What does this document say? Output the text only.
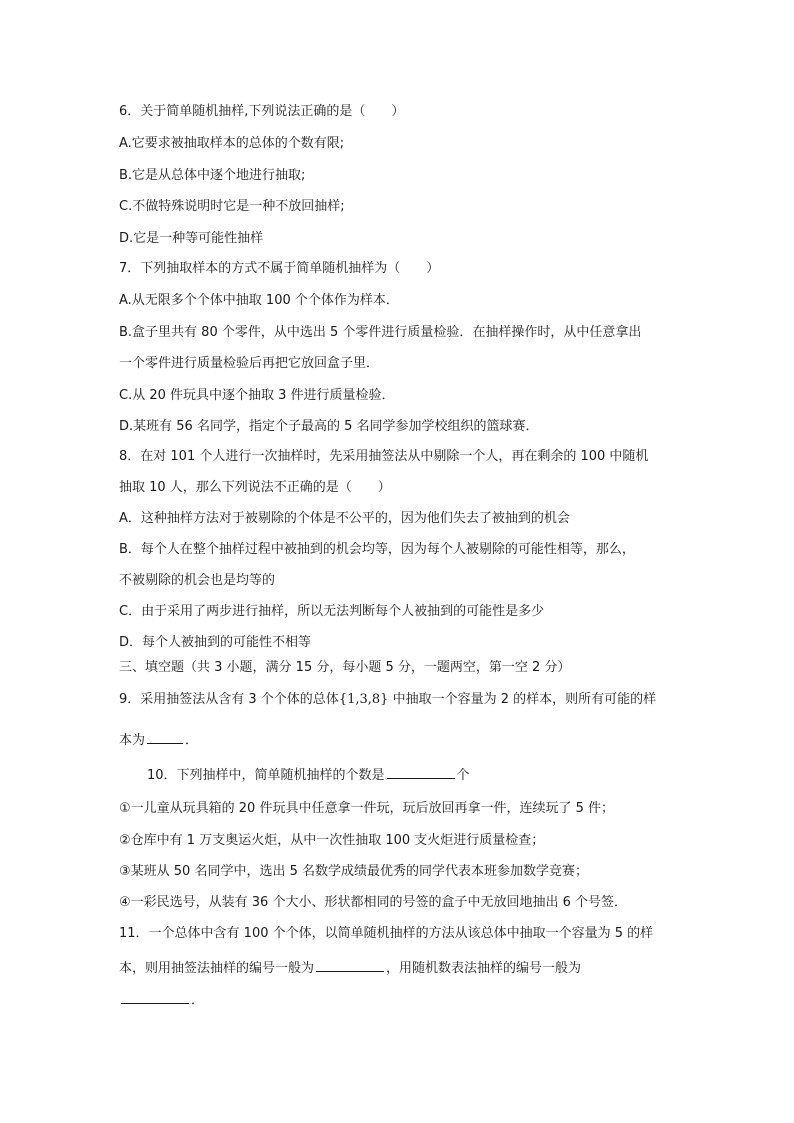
6．关于简单随机抽样,下列说法正确的是（　　）
A.它要求被抽取样本的总体的个数有限;
B.它是从总体中逐个地进行抽取;
C.不做特殊说明时它是一种不放回抽样;
D.它是一种等可能性抽样
7．下列抽取样本的方式不属于简单随机抽样为（　　）
A.从无限多个个体中抽取 100 个个体作为样本．
B.盒子里共有 80 个零件，从中选出 5 个零件进行质量检验．在抽样操作时，从中任意拿出
一个零件进行质量检验后再把它放回盒子里．
C.从 20 件玩具中逐个抽取 3 件进行质量检验．
D.某班有 56 名同学，指定个子最高的 5 名同学参加学校组织的篮球赛．
8．在对 101 个人进行一次抽样时，先采用抽签法从中剔除一个人，再在剩余的 100 中随机
抽取 10 人，那么下列说法不正确的是（　　）
A．这种抽样方法对于被剔除的个体是不公平的，因为他们失去了被抽到的机会
B．每个人在整个抽样过程中被抽到的机会均等，因为每个人被剔除的可能性相等，那么，
不被剔除的机会也是均等的
C．由于采用了两步进行抽样，所以无法判断每个人被抽到的可能性是多少
D．每个人被抽到的可能性不相等
三、填空题（共 3 小题，满分 15 分，每小题 5 分，一题两空，第一空 2 分）
9．采用抽签法从含有 3 个个体的总体{1,3,8} 中抽取一个容量为 2 的样本，则所有可能的样
本为	．
10．下列抽样中，简单随机抽样的个数是	个
①一儿童从玩具箱的 20 件玩具中任意拿一件玩，玩后放回再拿一件，连续玩了 5 件；
②仓库中有 1 万支奥运火炬，从中一次性抽取 100 支火炬进行质量检查；
③某班从 50 名同学中，选出 5 名数学成绩最优秀的同学代表本班参加数学竞赛；
④一彩民选号，从装有 36 个大小、形状都相同的号签的盒子中无放回地抽出 6 个号签．
11．一个总体中含有 100 个个体，以简单随机抽样的方法从该总体中抽取一个容量为 5 的样
本，则用抽签法抽样的编号一般为	，用随机数表法抽样的编号一般为
．
